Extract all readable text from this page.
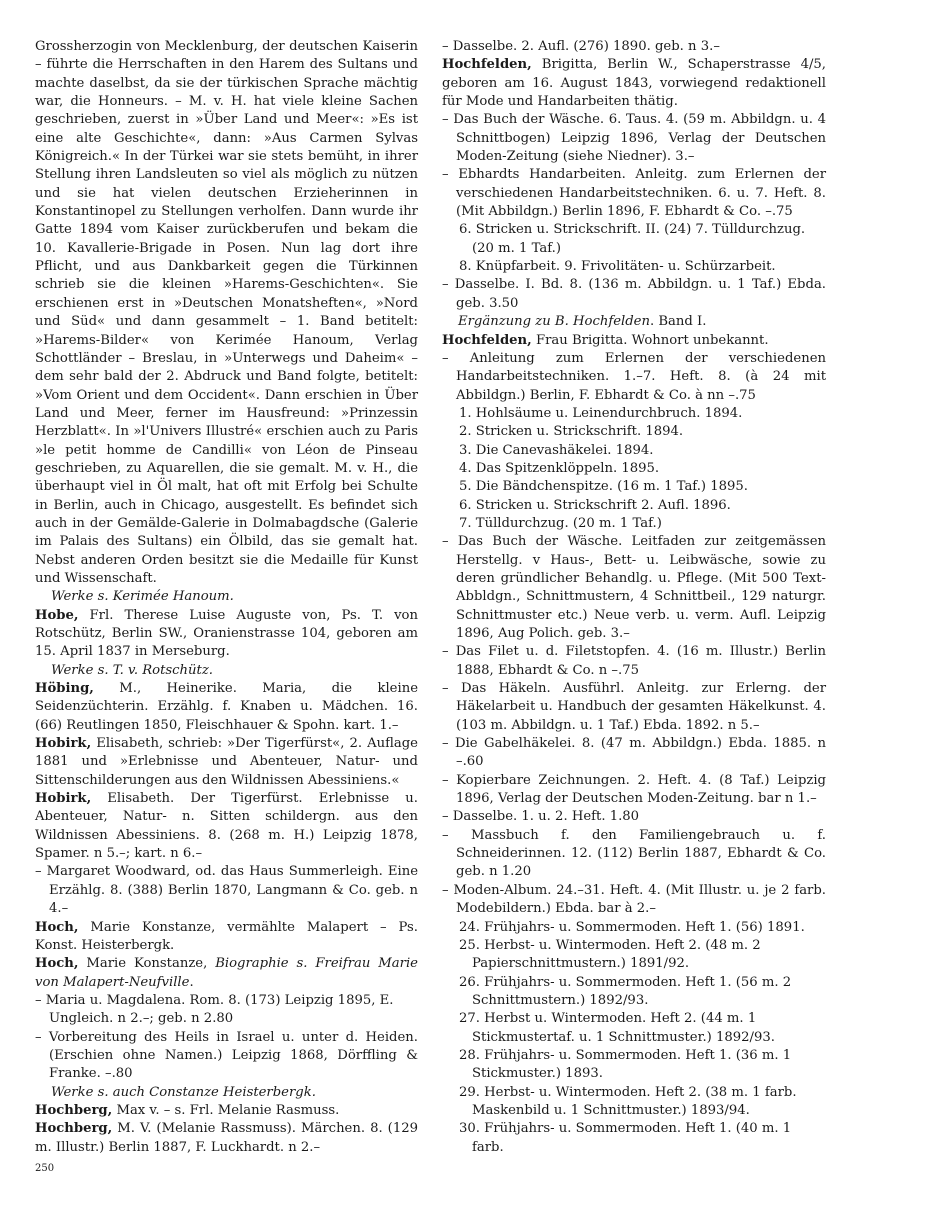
Grossherzogin von Mecklenburg, der deutschen Kaiserin – führte die Herrschaften in den Harem des Sultans und machte daselbst, da sie der türkischen Sprache mächtig war, die Honneurs. – M. v. H. hat viele kleine Sachen geschrieben, zuerst in »Über Land und Meer«: »Es ist eine alte Geschichte«, dann: »Aus Carmen Sylvas Königreich.« In der Türkei war sie stets bemüht, in ihrer Stellung ihren Landsleuten so viel als möglich zu nützen und sie hat vielen deutschen Erzieherinnen in Konstantinopel zu Stellungen verholfen. Dann wurde ihr Gatte 1894 vom Kaiser zurückberufen und bekam die 10. Kavallerie-Brigade in Posen. Nun lag dort ihre Pflicht, und aus Dankbarkeit gegen die Türkinnen schrieb sie die kleinen »Harems-Geschichten«. Sie erschienen erst in »Deutschen Monatsheften«, »Nord und Süd« und dann gesammelt – 1. Band betitelt: »Harems-Bilder« von Kerimée Hanoum, Verlag Schottländer – Breslau, in »Unterwegs und Daheim« – dem sehr bald der 2. Abdruck und Band folgte, betitelt: »Vom Orient und dem Occident«. Dann erschien in Über Land und Meer, ferner im Hausfreund: »Prinzessin Herzblatt«. In »l'Univers Illustré« erschien auch zu Paris »le petit homme de Candilli« von Léon de Pinseau geschrieben, zu Aquarellen, die sie gemalt. M. v. H., die überhaupt viel in Öl malt, hat oft mit Erfolg bei Schulte in Berlin, auch in Chicago, ausgestellt. Es befindet sich auch in der Gemälde-Galerie in Dolmabagdsche (Galerie im Palais des Sultans) ein Ölbild, das sie gemalt hat. Nebst anderen Orden besitzt sie die Medaille für Kunst und Wissenschaft.

Werke s. Kerimée Hanoum.

Hobe, Frl. Therese Luise Auguste von, Ps. T. von Rotschütz, Berlin SW., Oranienstrasse 104, geboren am 15. April 1837 in Merseburg.

Werke s. T. v. Rotschütz.

Höbing, M., Heinerike. Maria, die kleine Seidenzüchterin. Erzählg. f. Knaben u. Mädchen. 16. (66) Reutlingen 1850, Fleischhauer & Spohn. kart. 1.–

Hobirk, Elisabeth, schrieb: »Der Tigerfürst«, 2. Auflage 1881 und »Erlebnisse und Abenteuer, Natur- und Sittenschilderungen aus den Wildnissen Abessiniens.«

Hobirk, Elisabeth. Der Tigerfürst. Erlebnisse u. Abenteuer, Natur- n. Sitten schildergn. aus den Wildnissen Abessiniens. 8. (268 m. H.) Leipzig 1878, Spamer. n 5.–; kart. n 6.–

– Margaret Woodward, od. das Haus Summerleigh. Eine Erzählg. 8. (388) Berlin 1870, Langmann & Co. geb. n 4.–

Hoch, Marie Konstanze, vermählte Malapert – Ps. Konst. Heisterbergk.

Hoch, Marie Konstanze, Biographie s. Freifrau Marie von Malapert-Neufville.

– Maria u. Magdalena. Rom. 8. (173) Leipzig 1895, E. Ungleich. n 2.–; geb. n 2.80

– Vorbereitung des Heils in Israel u. unter d. Heiden. (Erschien ohne Namen.) Leipzig 1868, Dörffling & Franke. –.80

Werke s. auch Constanze Heisterbergk.

Hochberg, Max v. – s. Frl. Melanie Rasmuss.

Hochberg, M. V. (Melanie Rassmuss). Märchen. 8. (129 m. Illustr.) Berlin 1887, F. Luckhardt. n 2.–

– Dasselbe. 2. Aufl. (276) 1890. geb. n 3.–

Hochfelden, Brigitta, Berlin W., Schaperstrasse 4/5, geboren am 16. August 1843, vorwiegend redaktionell für Mode und Handarbeiten thätig.

– Das Buch der Wäsche. 6. Taus. 4. (59 m. Abbildgn. u. 4 Schnittbogen) Leipzig 1896, Verlag der Deutschen Moden-Zeitung (siehe Niedner). 3.–

– Ebhardts Handarbeiten. Anleitg. zum Erlernen der verschiedenen Handarbeitstechniken. 6. u. 7. Heft. 8. (Mit Abbildgn.) Berlin 1896, F. Ebhardt & Co. –.75

6. Stricken u. Strickschrift. II. (24) 7. Tülldurchzug. (20 m. 1 Taf.)

8. Knüpfarbeit. 9. Frivolitäten- u. Schürzarbeit.

– Dasselbe. I. Bd. 8. (136 m. Abbildgn. u. 1 Taf.) Ebda. geb. 3.50

Ergänzung zu B. Hochfelden. Band I.

Hochfelden, Frau Brigitta. Wohnort unbekannt.

– Anleitung zum Erlernen der verschiedenen Handarbeitstechniken. 1.–7. Heft. 8. (à 24 mit Abbildgn.) Berlin, F. Ebhardt & Co. à nn –.75

1. Hohlsäume u. Leinendurchbruch. 1894.

2. Stricken u. Strickschrift. 1894.

3. Die Canevashäkelei. 1894.

4. Das Spitzenklöppeln. 1895.

5. Die Bändchenspitze. (16 m. 1 Taf.) 1895.

6. Stricken u. Strickschrift 2. Aufl. 1896.

7. Tülldurchzug. (20 m. 1 Taf.)

– Das Buch der Wäsche. Leitfaden zur zeitgemässen Herstellg. v Haus-, Bett- u. Leibwäsche, sowie zu deren gründlicher Behandlg. u. Pflege. (Mit 500 Text-Abbldgn., Schnittmustern, 4 Schnittbeil., 129 naturgr. Schnittmuster etc.) Neue verb. u. verm. Aufl. Leipzig 1896, Aug Polich. geb. 3.–

– Das Filet u. d. Filetstopfen. 4. (16 m. Illustr.) Berlin 1888, Ebhardt & Co. n –.75

– Das Häkeln. Ausführl. Anleitg. zur Erlerng. der Häkelarbeit u. Handbuch der gesamten Häkelkunst. 4. (103 m. Abbildgn. u. 1 Taf.) Ebda. 1892. n 5.–

– Die Gabelhäkelei. 8. (47 m. Abbildgn.) Ebda. 1885. n –.60

– Kopierbare Zeichnungen. 2. Heft. 4. (8 Taf.) Leipzig 1896, Verlag der Deutschen Moden-Zeitung. bar n 1.–

– Dasselbe. 1. u. 2. Heft. 1.80

– Massbuch f. den Familiengebrauch u. f. Schneiderinnen. 12. (112) Berlin 1887, Ebhardt & Co. geb. n 1.20

– Moden-Album. 24.–31. Heft. 4. (Mit Illustr. u. je 2 farb. Modebildern.) Ebda. bar à 2.–

24. Frühjahrs- u. Sommermoden. Heft 1. (56) 1891.

25. Herbst- u. Wintermoden. Heft 2. (48 m. 2 Papierschnittmustern.) 1891/92.

26. Frühjahrs- u. Sommermoden. Heft 1. (56 m. 2 Schnittmustern.) 1892/93.

27. Herbst u. Wintermoden. Heft 2. (44 m. 1 Stickmustertaf. u. 1 Schnittmuster.) 1892/93.

28. Frühjahrs- u. Sommermoden. Heft 1. (36 m. 1 Stickmuster.) 1893.

29. Herbst- u. Wintermoden. Heft 2. (38 m. 1 farb. Maskenbild u. 1 Schnittmuster.) 1893/94.

30. Frühjahrs- u. Sommermoden. Heft 1. (40 m. 1 farb.

250
